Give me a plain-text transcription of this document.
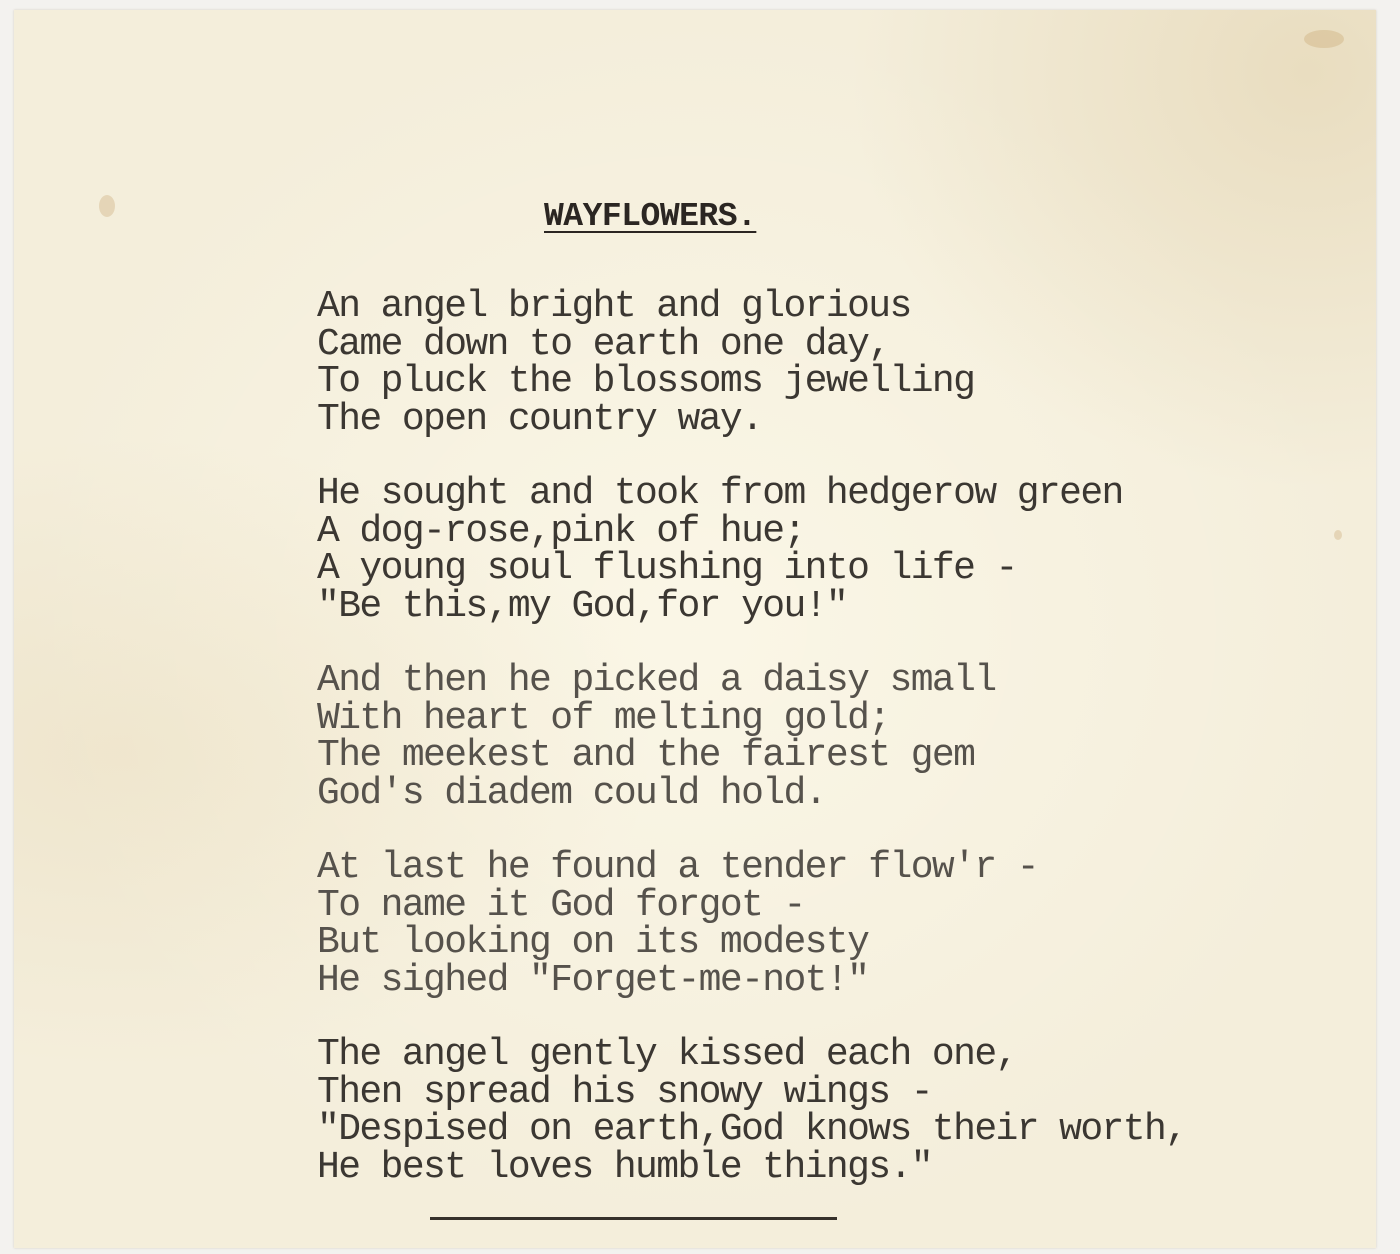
WAYFLOWERS.
An angel bright and glorious
Came down to earth one day,
To pluck the blossoms jewelling
The open country way.
He sought and took from hedgerow green
A dog-rose,pink of hue;
A young soul flushing into life -
"Be this,my God,for you!"
And then he picked a daisy small
With heart of melting gold;
The meekest and the fairest gem
God's diadem could hold.
At last he found a tender flow'r -
To name it God forgot -
But looking on its modesty
He sighed "Forget-me-not!"
The angel gently kissed each one,
Then spread his snowy wings -
"Despised on earth,God knows their worth,
He best loves humble things."
